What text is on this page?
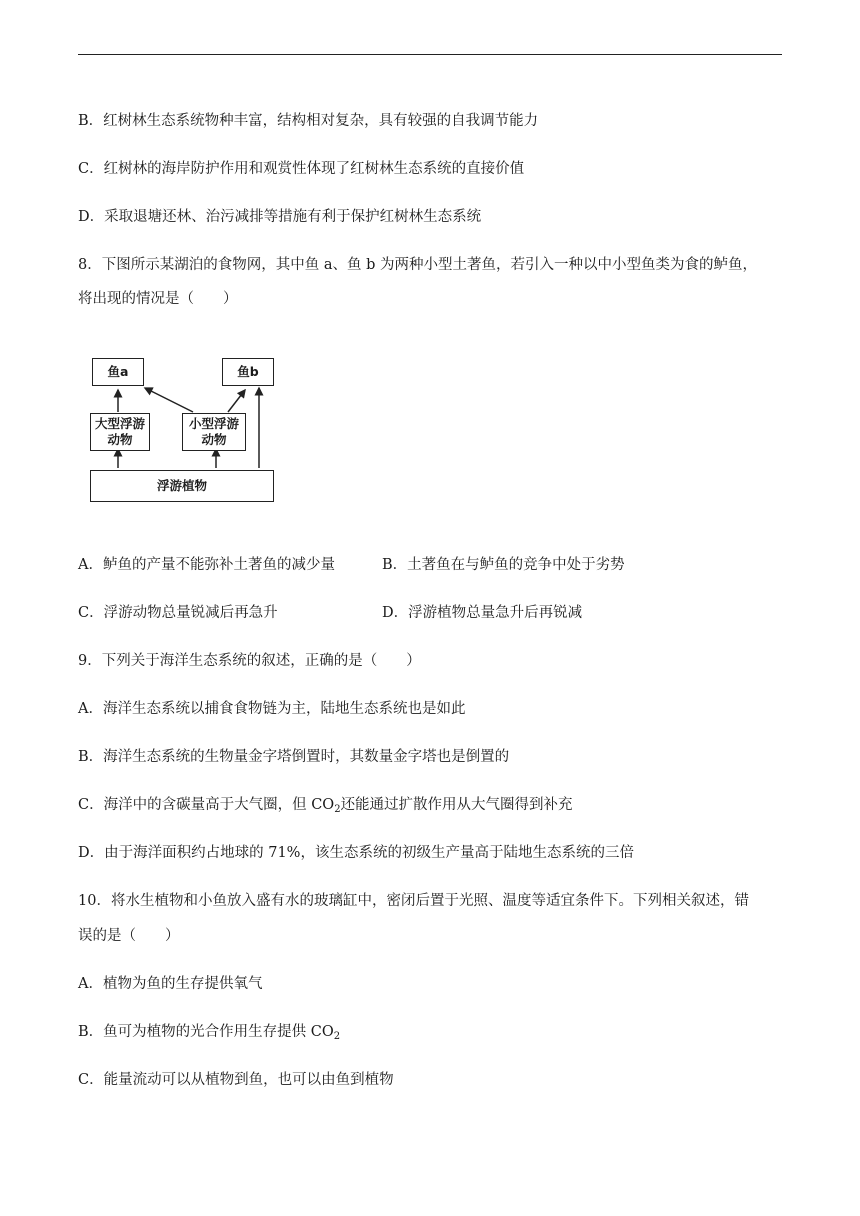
B．红树林生态系统物种丰富，结构相对复杂，具有较强的自我调节能力
C．红树林的海岸防护作用和观赏性体现了红树林生态系统的直接价值
D．采取退塘还林、治污减排等措施有利于保护红树林生态系统
8．下图所示某湖泊的食物网，其中鱼 a、鱼 b 为两种小型土著鱼，若引入一种以中小型鱼类为食的鲈鱼，
将出现的情况是（　　）
鱼a	鱼b
大型浮游
动物
小型浮游
动物
浮游植物
A．鲈鱼的产量不能弥补土著鱼的减少量	B．土著鱼在与鲈鱼的竞争中处于劣势
C．浮游动物总量锐减后再急升	D．浮游植物总量急升后再锐减
9．下列关于海洋生态系统的叙述，正确的是（　　）
A．海洋生态系统以捕食食物链为主，陆地生态系统也是如此
B．海洋生态系统的生物量金字塔倒置时，其数量金字塔也是倒置的
C．海洋中的含碳量高于大气圈，但 $CO_2$还能通过扩散作用从大气圈得到补充
D．由于海洋面积约占地球的 71%，该生态系统的初级生产量高于陆地生态系统的三倍
10．将水生植物和小鱼放入盛有水的玻璃缸中，密闭后置于光照、温度等适宜条件下。下列相关叙述，错
误的是（　　）
A．植物为鱼的生存提供氧气
B．鱼可为植物的光合作用生存提供 $CO_2$
C．能量流动可以从植物到鱼，也可以由鱼到植物
